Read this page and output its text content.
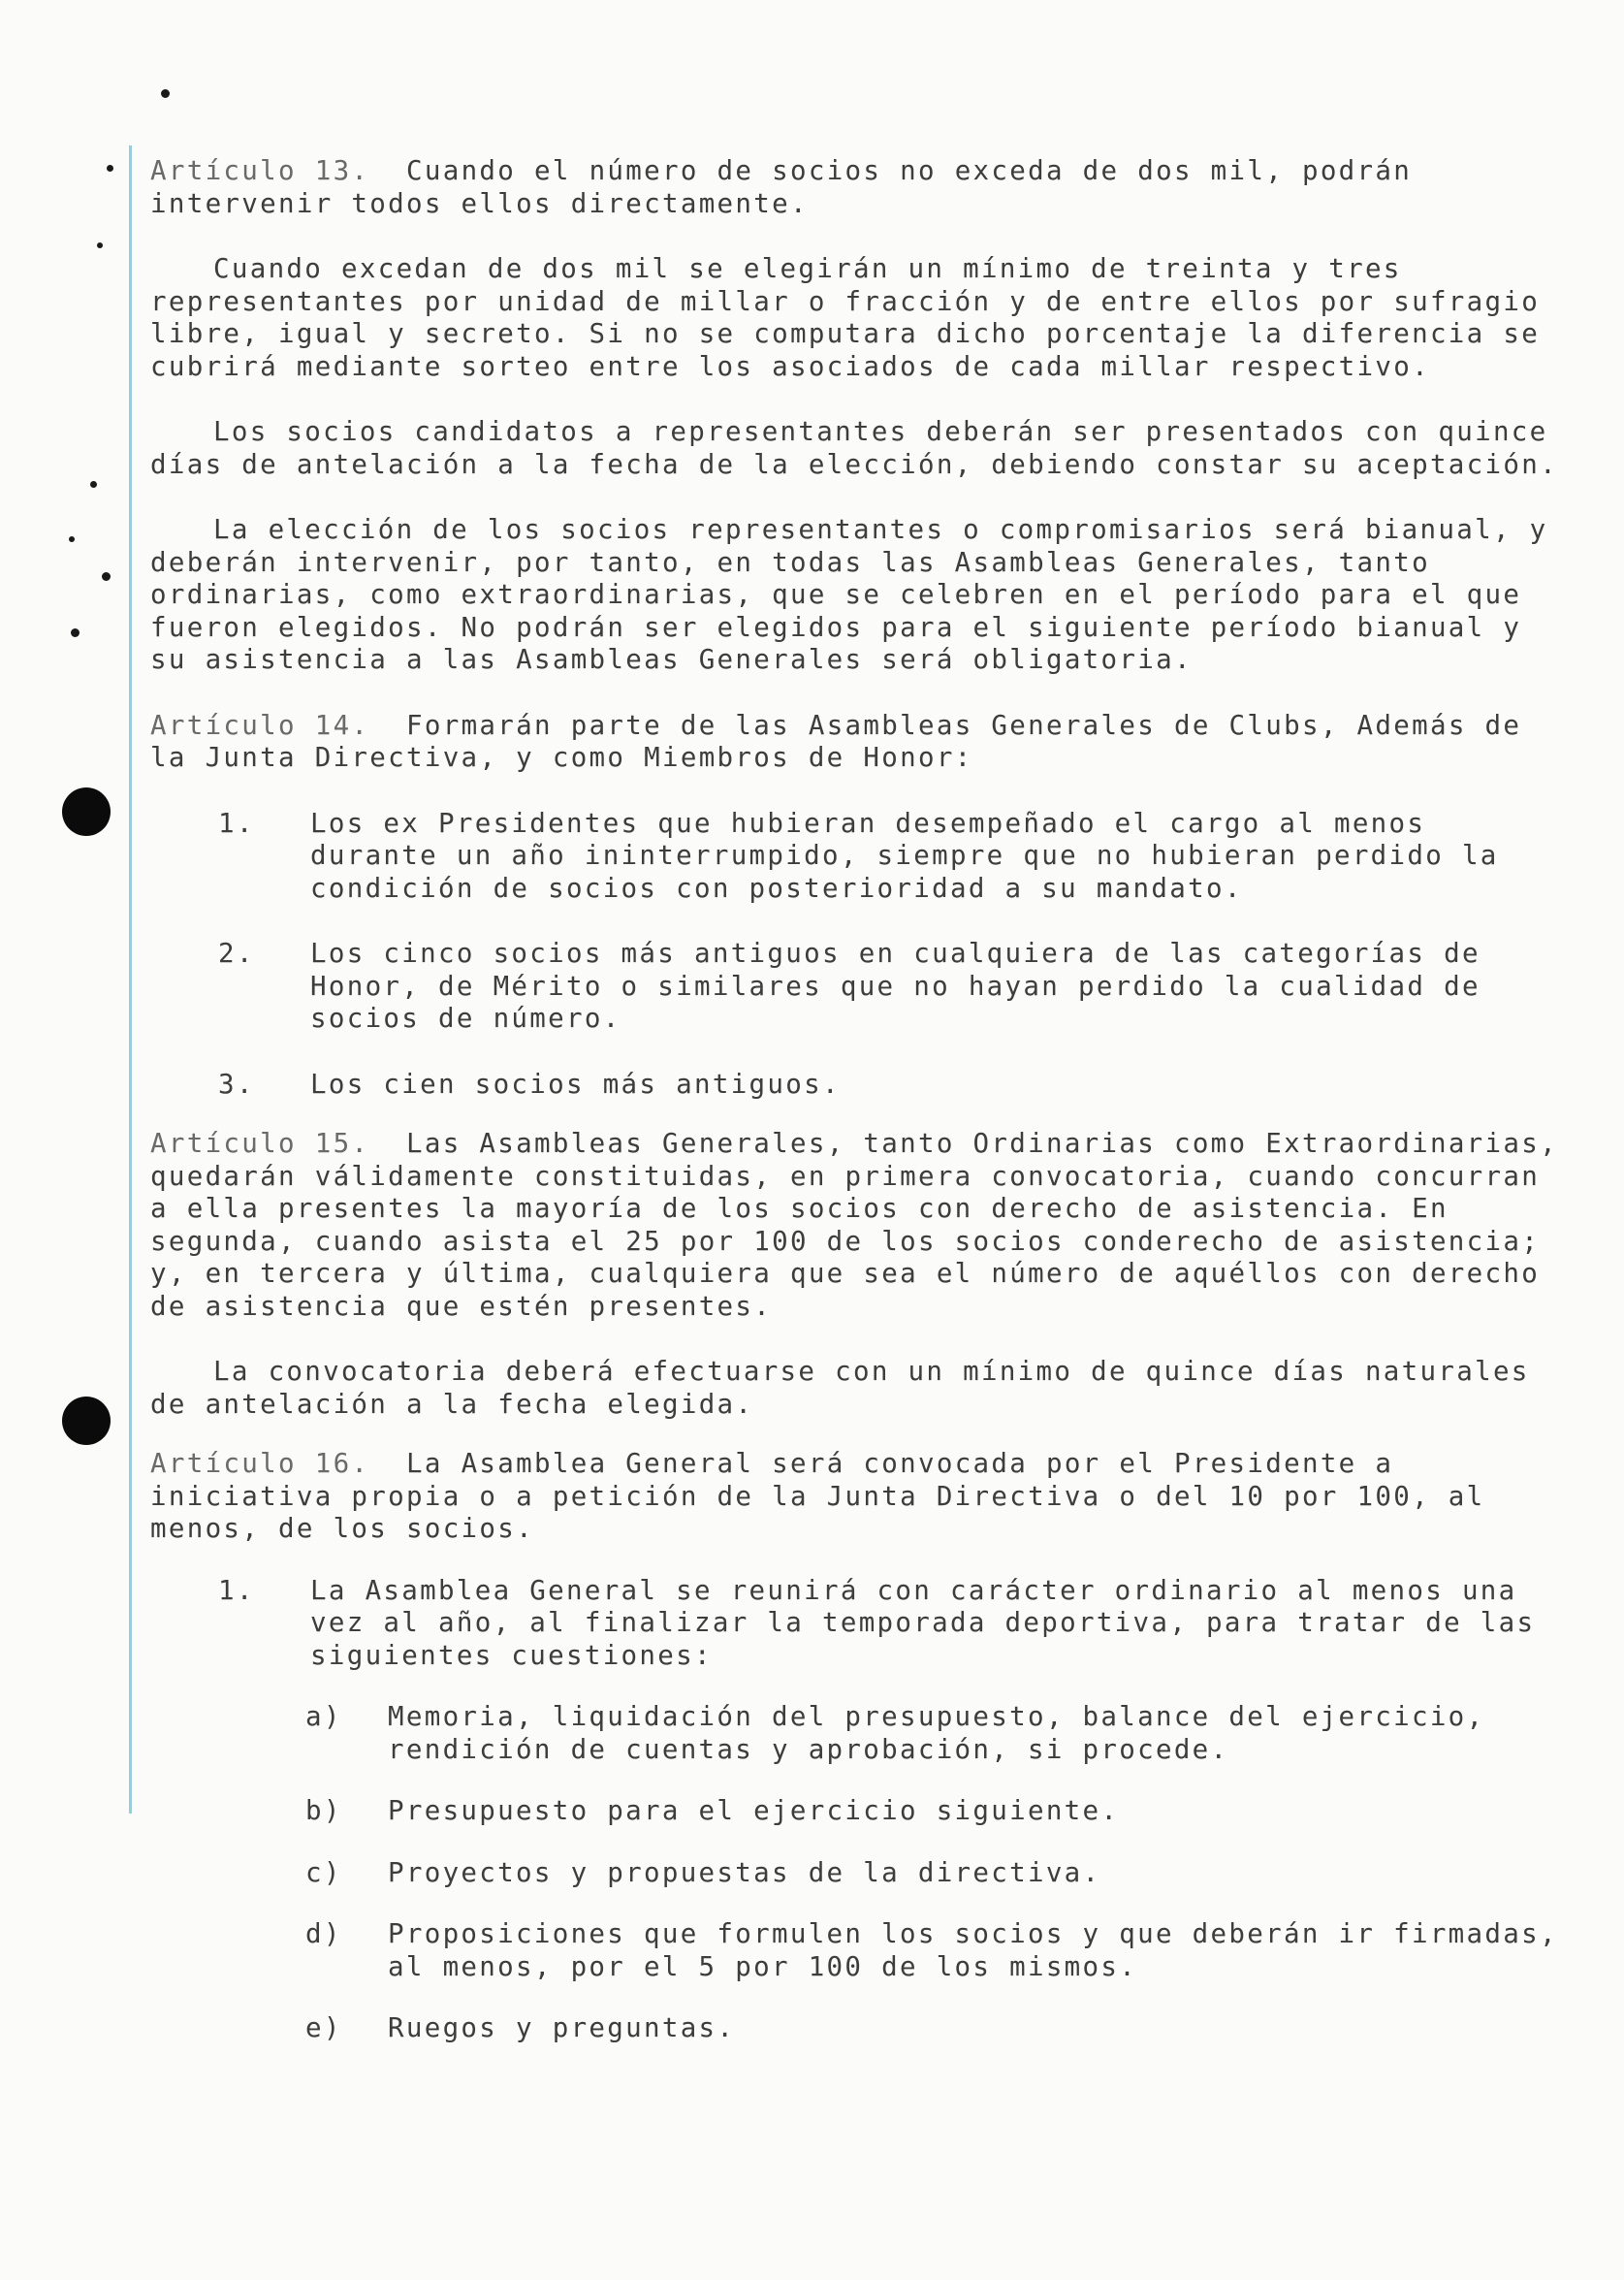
Artículo 13. Cuando el número de socios no exceda de dos mil, podrán intervenir todos ellos directamente.

Cuando excedan de dos mil se elegirán un mínimo de treinta y tres representantes por unidad de millar o fracción y de entre ellos por sufragio libre, igual y secreto. Si no se computara dicho porcentaje la diferencia se cubrirá mediante sorteo entre los asociados de cada millar respectivo.

Los socios candidatos a representantes deberán ser presentados con quince días de antelación a la fecha de la elección, debiendo constar su aceptación.

La elección de los socios representantes o compromisarios será bianual, y deberán intervenir, por tanto, en todas las Asambleas Generales, tanto ordinarias, como extraordinarias, que se celebren en el período para el que fueron elegidos. No podrán ser elegidos para el siguiente período bianual y su asistencia a las Asambleas Generales será obligatoria.

Artículo 14. Formarán parte de las Asambleas Generales de Clubs, Además de la Junta Directiva, y como Miembros de Honor:

1.	Los ex Presidentes que hubieran desempeñado el cargo al menos durante un año ininterrumpido, siempre que no hubieran perdido la condición de socios con posterioridad a su mandato.
2.	Los cinco socios más antiguos en cualquiera de las categorías de Honor, de Mérito o similares que no hayan perdido la cualidad de socios de número.
3.	Los cien socios más antiguos.

Artículo 15. Las Asambleas Generales, tanto Ordinarias como Extraordinarias, quedarán válidamente constituidas, en primera convocatoria, cuando concurran a ella presentes la mayoría de los socios con derecho de asistencia. En segunda, cuando asista el 25 por 100 de los socios conderecho de asistencia; y, en tercera y última, cualquiera que sea el número de aquéllos con derecho de asistencia que estén presentes.

La convocatoria deberá efectuarse con un mínimo de quince días naturales de antelación a la fecha elegida.

Artículo 16. La Asamblea General será convocada por el Presidente a iniciativa propia o a petición de la Junta Directiva o del 10 por 100, al menos, de los socios.

1.	La Asamblea General se reunirá con carácter ordinario al menos una vez al año, al finalizar la temporada deportiva, para tratar de las siguientes cuestiones:
a)	Memoria, liquidación del presupuesto, balance del ejercicio, rendición de cuentas y aprobación, si procede.
b)	Presupuesto para el ejercicio siguiente.
c)	Proyectos y propuestas de la directiva.
d)	Proposiciones que formulen los socios y que deberán ir firmadas, al menos, por el 5 por 100 de los mismos.
e)	Ruegos y preguntas.
